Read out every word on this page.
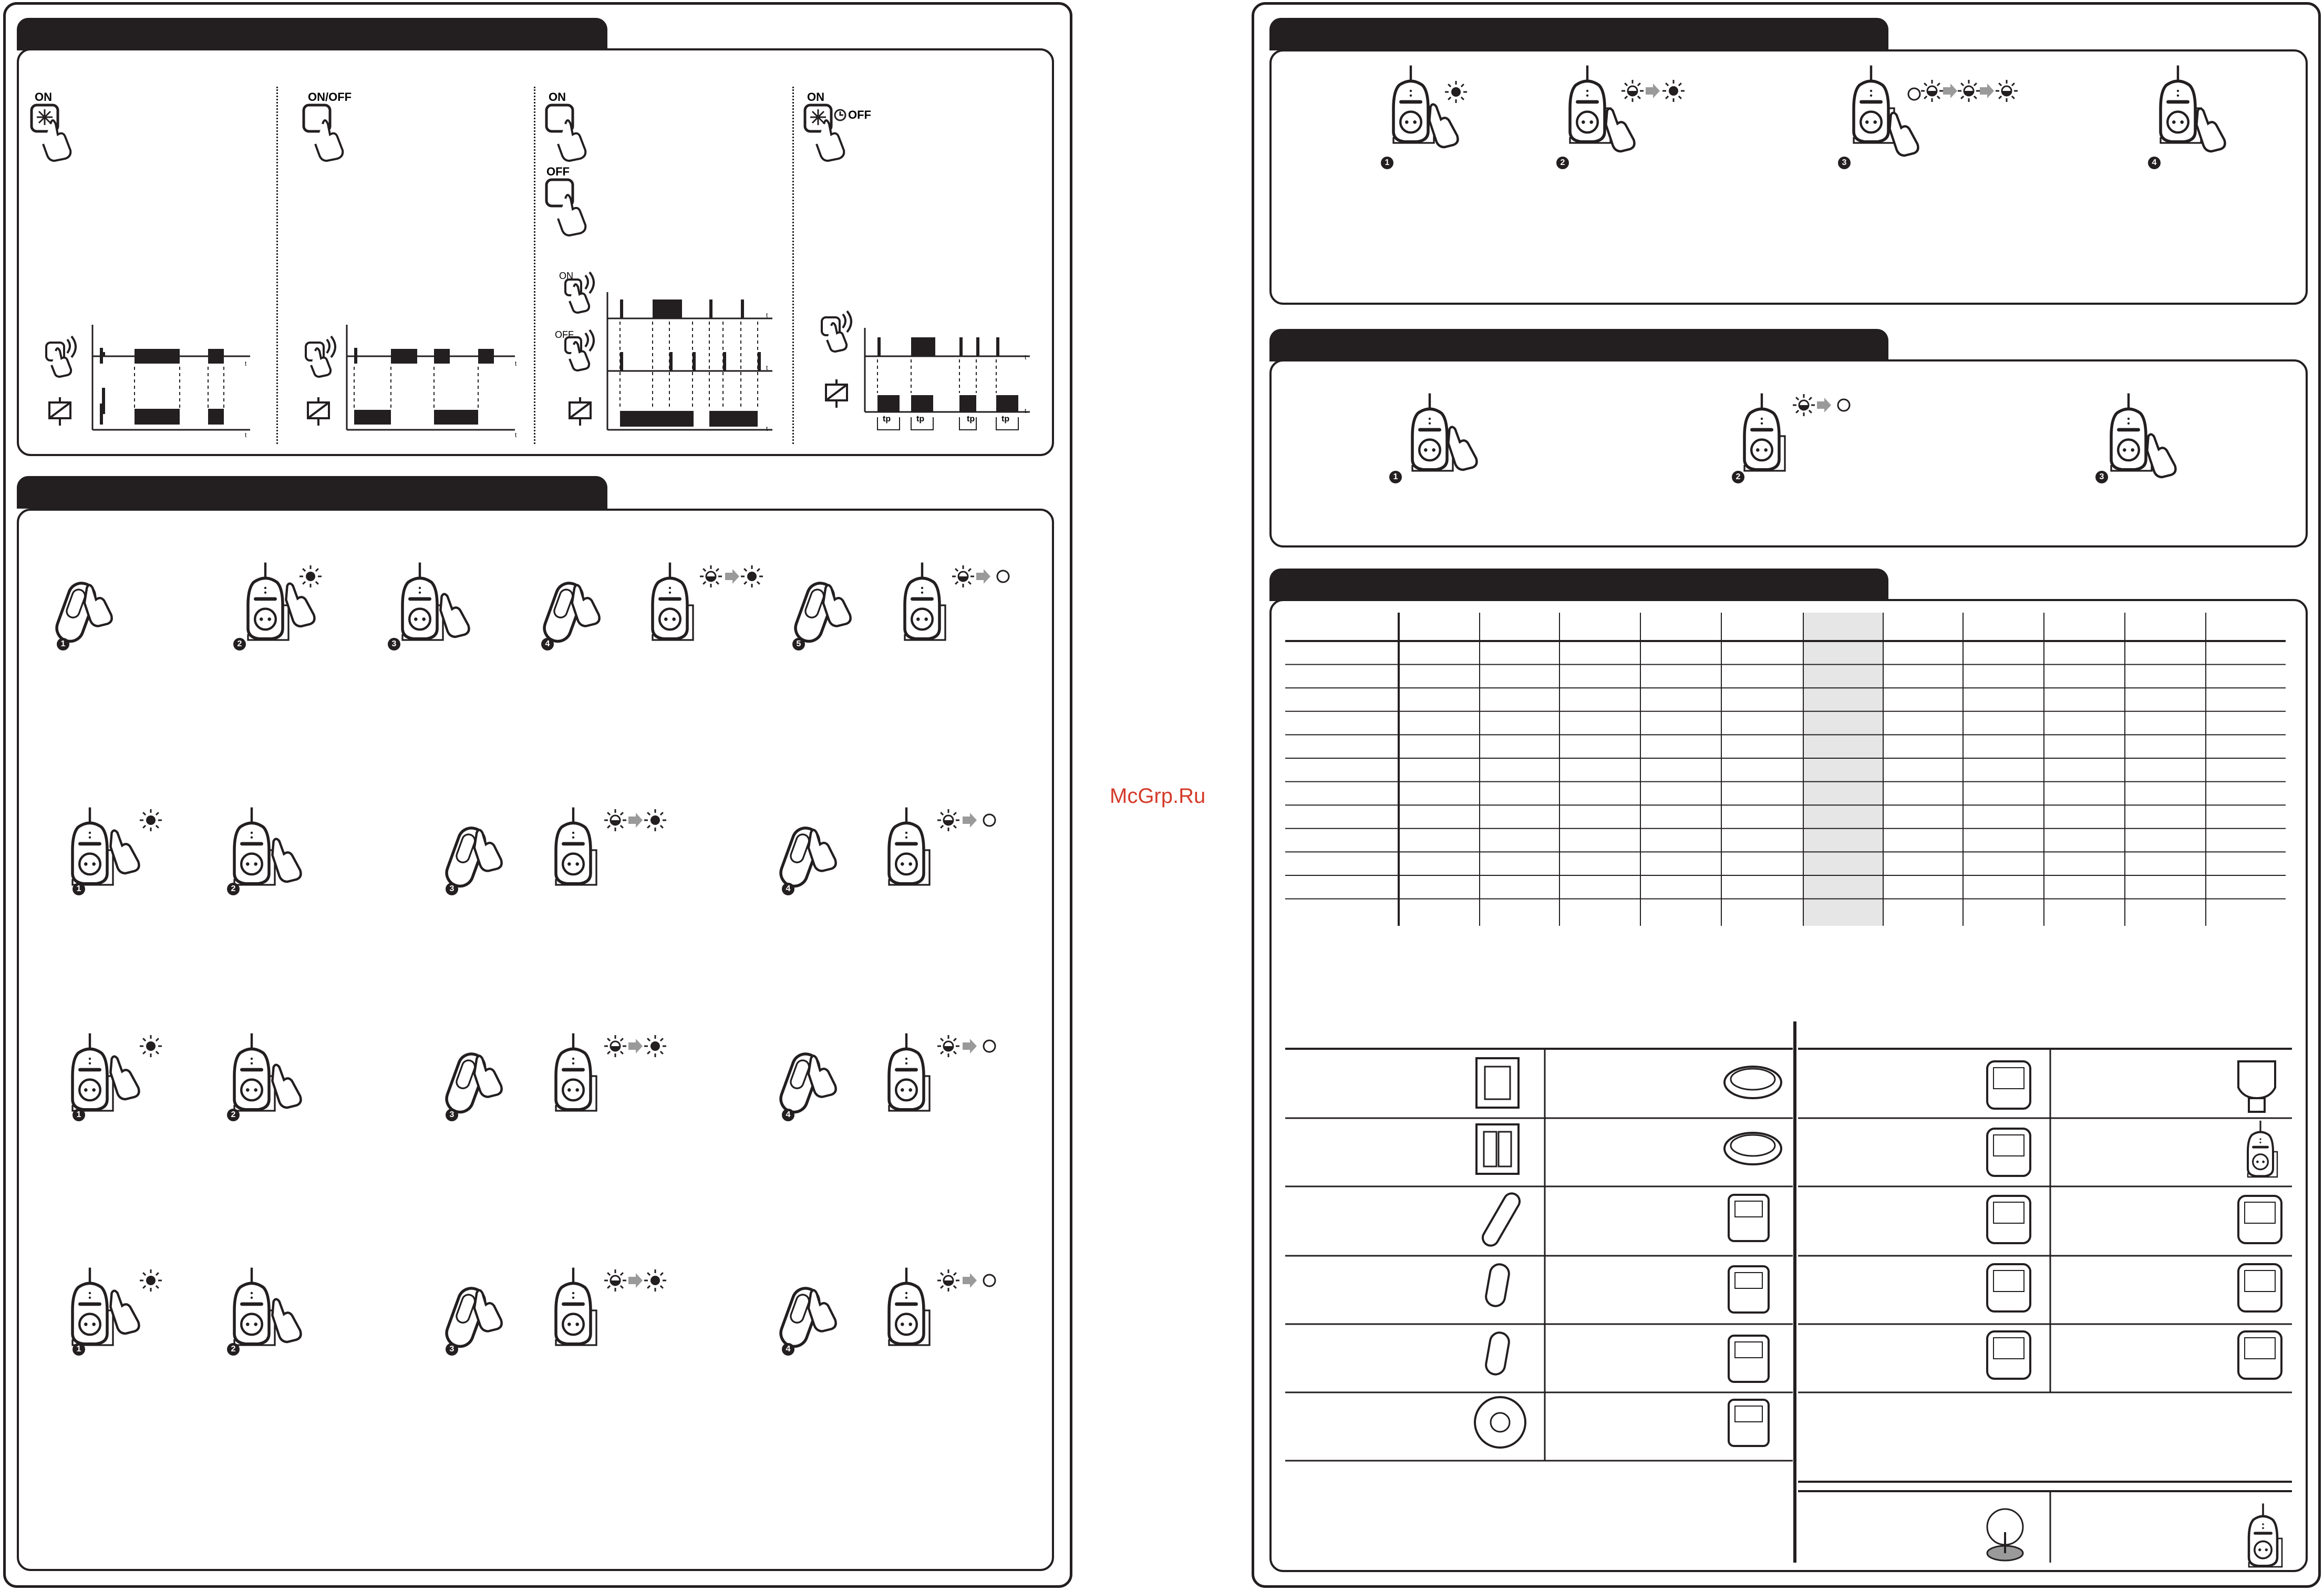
ON
t
t
ON/OFF
t
t
ON
OFF
ON
OFF
t
t
t
ON
OFF
tp	tp	tp	tp
t
t
McGrp.Ru
1	2	3	4	5
1	2	3	4
1	2	3	4
1	2	3	4
1	2	3	4
1	2	3
